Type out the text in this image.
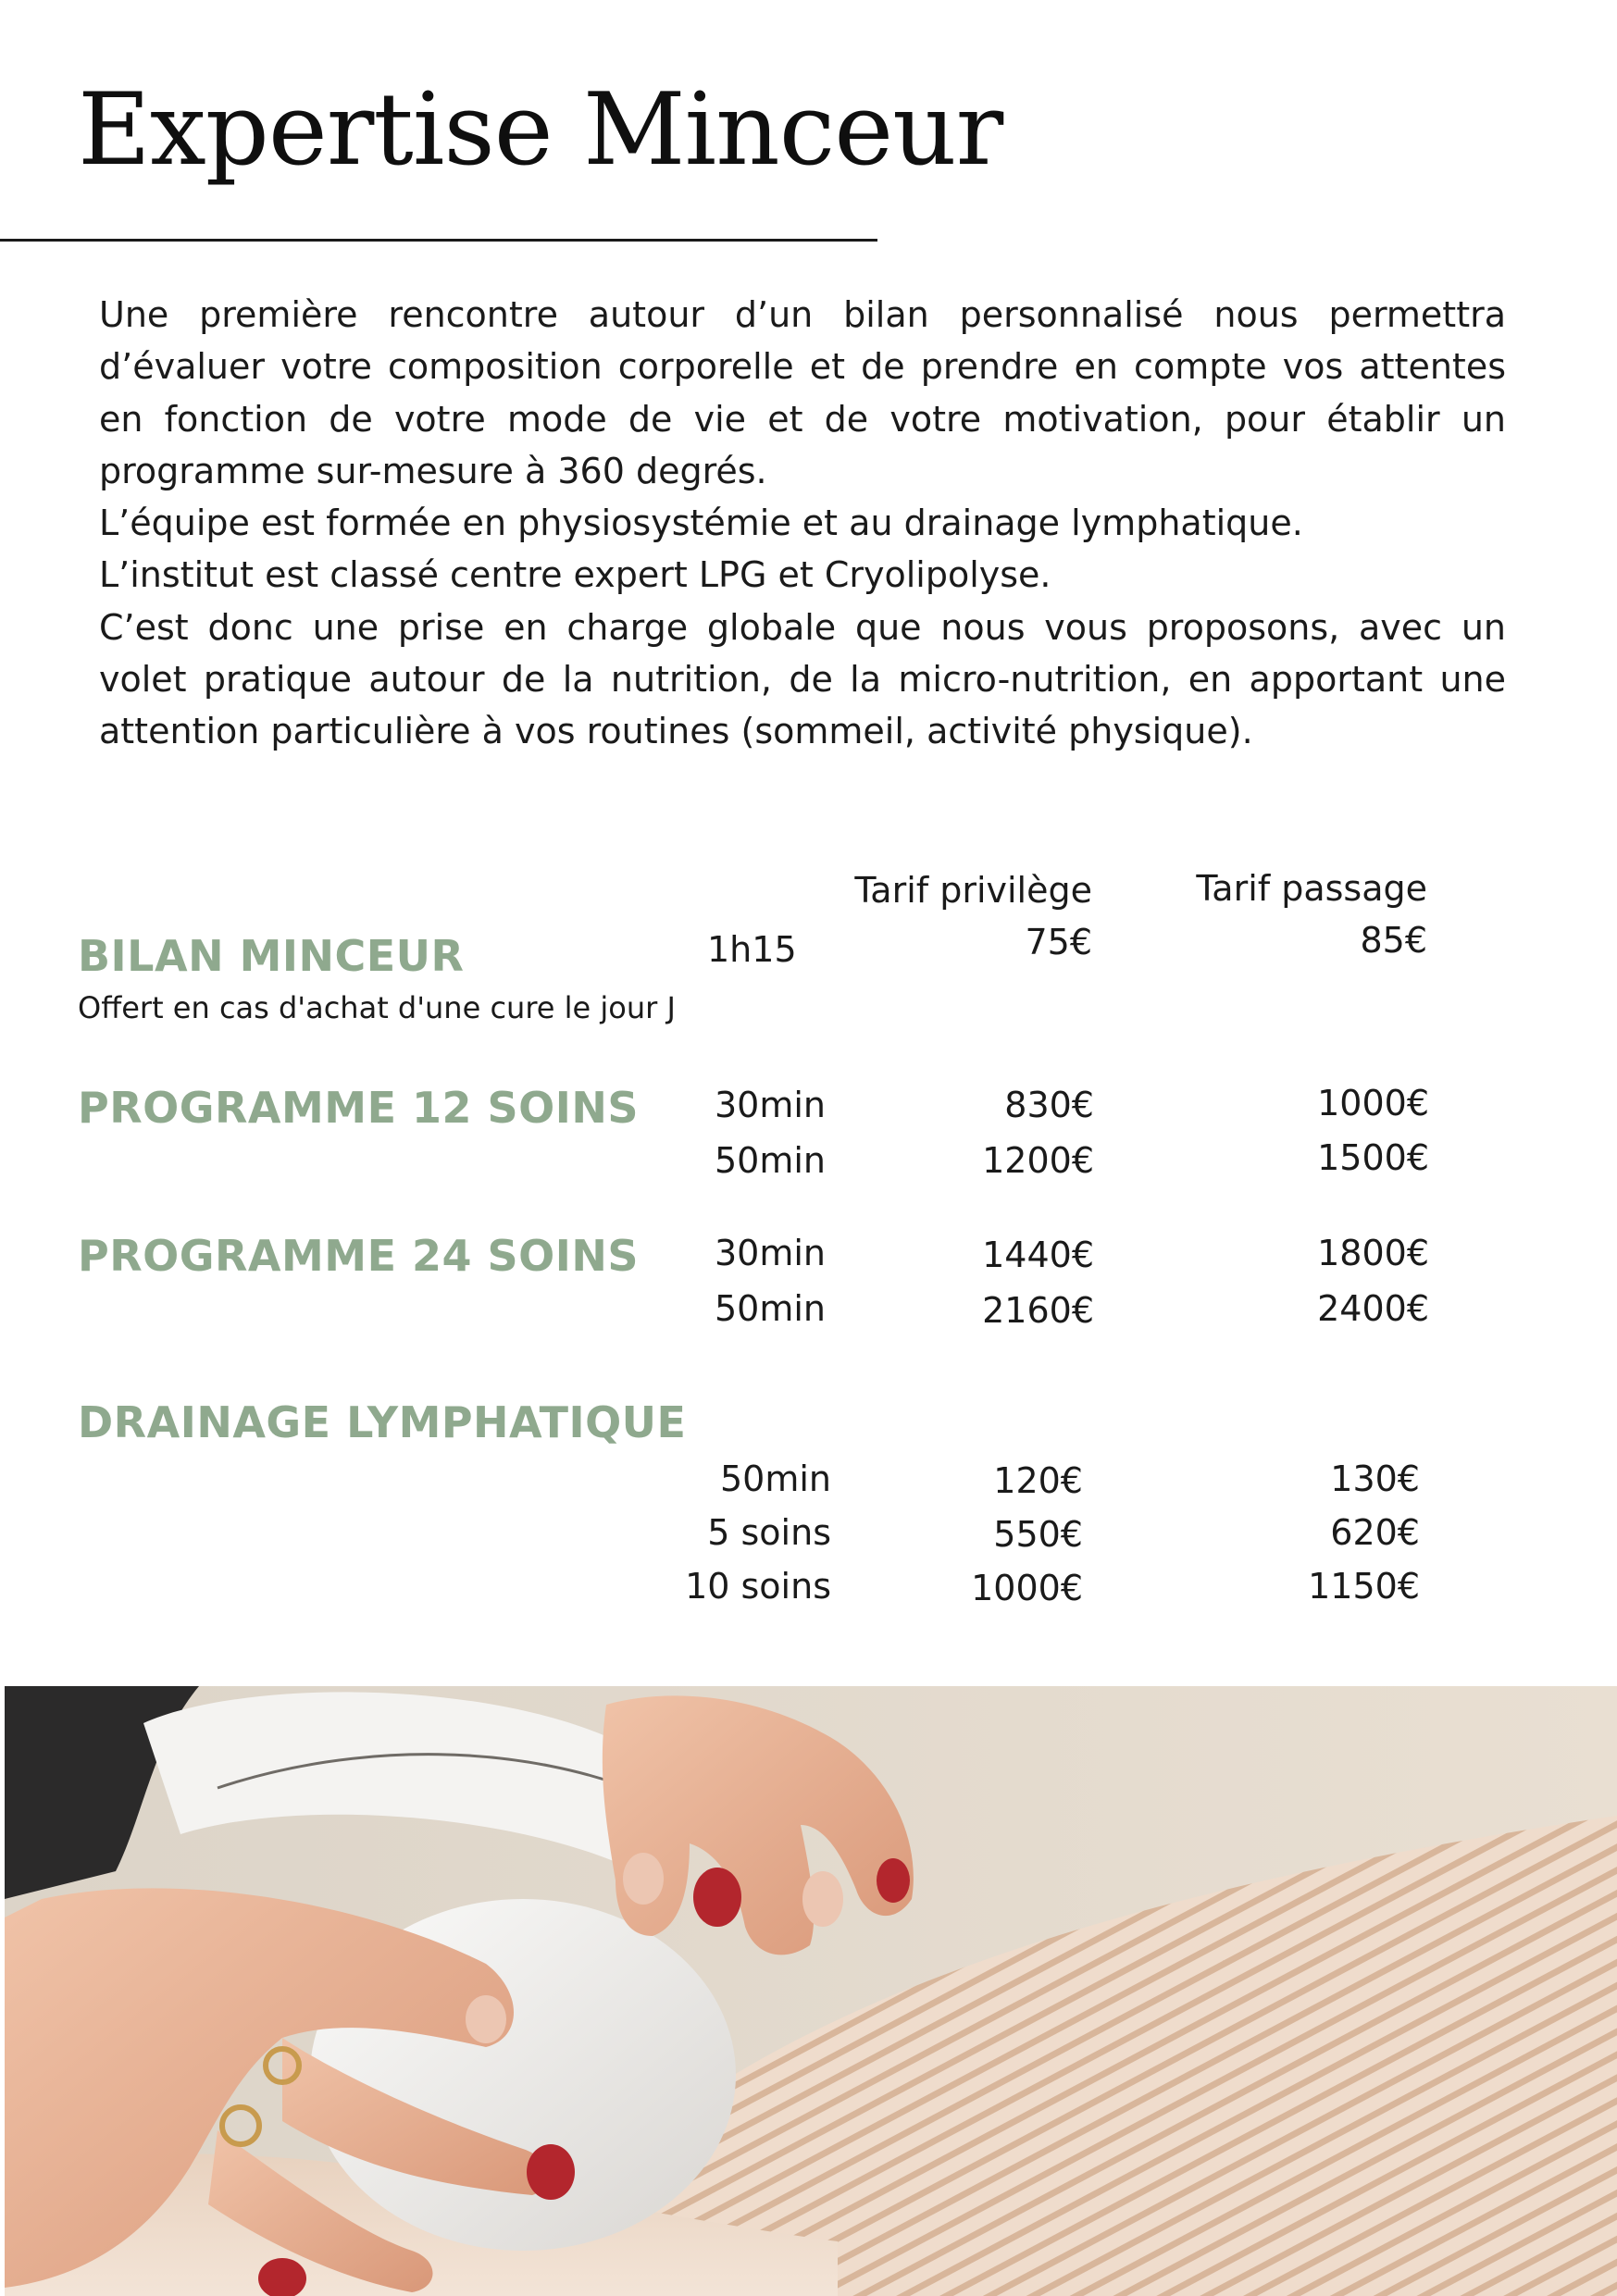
Expertise Minceur

Une première rencontre autour d’un bilan personnalisé nous permettra d’évaluer votre composition corporelle et de prendre en compte vos attentes en fonction de votre mode de vie et de votre motivation, pour établir un programme sur-mesure à 360 degrés.

L’équipe est formée en physiosystémie et au drainage lymphatique.

L’institut est classé centre expert LPG et Cryolipolyse.

C’est donc une prise en charge globale que nous vous proposons, avec un volet pratique autour de la nutrition, de la micro-nutrition, en apportant une attention particulière à vos routines (sommeil, activité physique).

Tarif privilège	Tarif passage
BILAN MINCEUR	1h15	75€	85€
Offert en cas d'achat d'une cure le jour J
PROGRAMME 12 SOINS 30min	830€	1000€
50min	1200€	1500€
PROGRAMME 24 SOINS 30min	1440€	1800€
50min	2160€	2400€
DRAINAGE LYMPHATIQUE
50min	120€	130€
5 soins	550€	620€
10 soins	1000€	1150€
